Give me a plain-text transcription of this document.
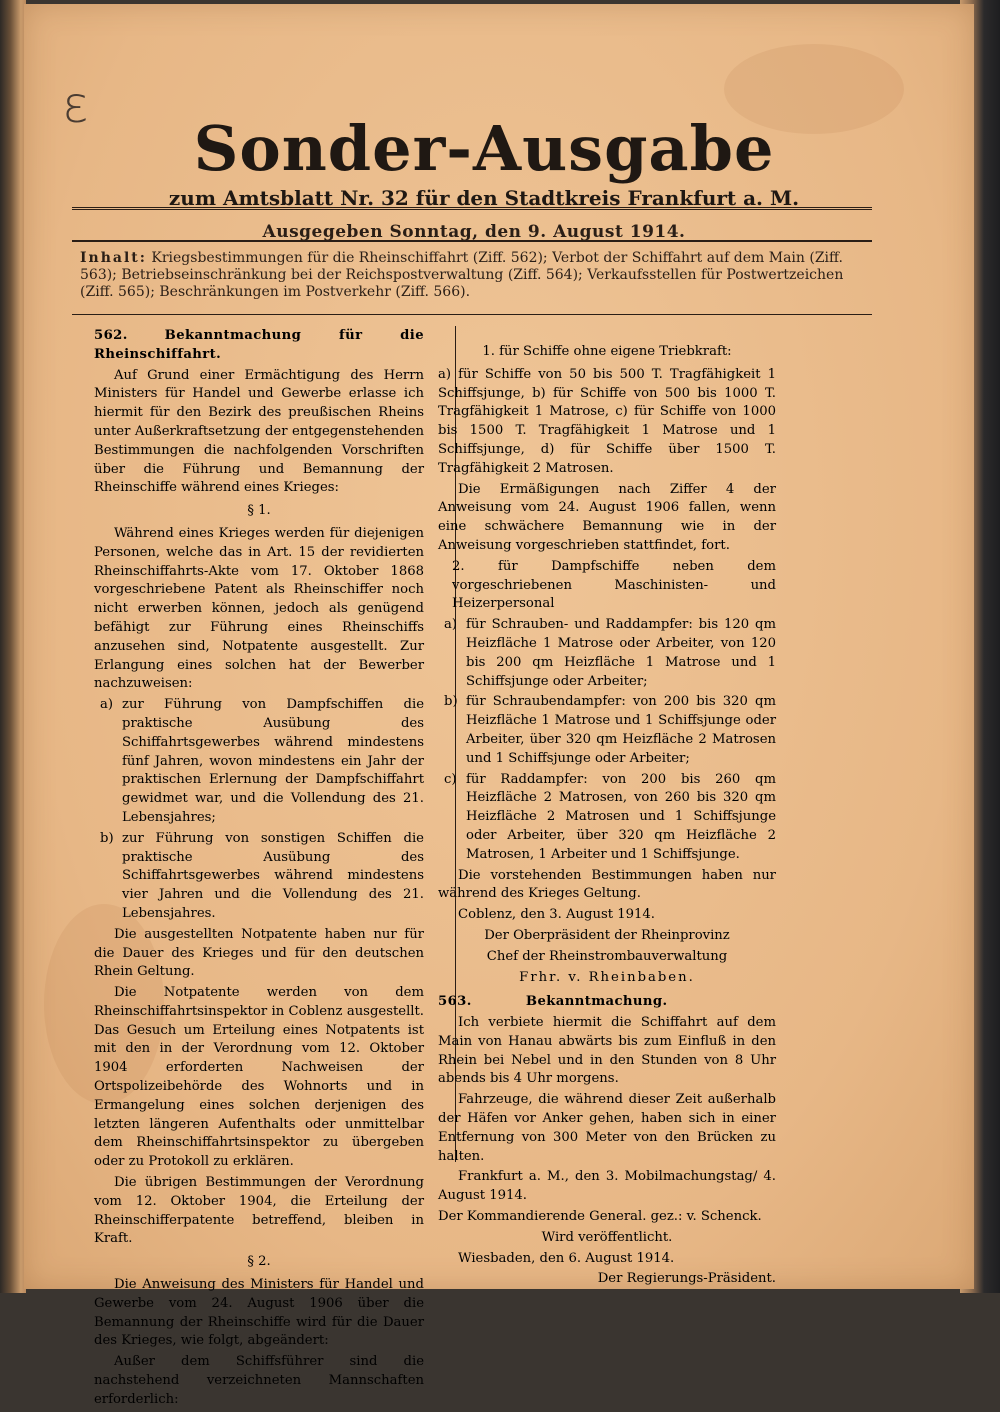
ε
Sonder-Ausgabe
zum Amtsblatt Nr. 32 für den Stadtkreis Frankfurt a. M.
Ausgegeben Sonntag, den 9. August 1914.
Inhalt: Kriegsbestimmungen für die Rheinschiffahrt (Ziff. 562); Verbot der Schiffahrt auf dem Main (Ziff. 563); Betriebseinschränkung bei der Reichspostverwaltung (Ziff. 564); Verkaufsstellen für Postwertzeichen (Ziff. 565); Beschränkungen im Postverkehr (Ziff. 566).

562.	Bekanntmachung für die Rheinschiffahrt.

Auf Grund einer Ermächtigung des Herrn Ministers für Handel und Gewerbe erlasse ich hiermit für den Bezirk des preußischen Rheins unter Außerkraftsetzung der entgegenstehenden Bestimmungen die nachfolgenden Vorschriften über die Führung und Bemannung der Rheinschiffe während eines Krieges:

§ 1.

Während eines Krieges werden für diejenigen Personen, welche das in Art. 15 der revidierten Rheinschiffahrts-Akte vom 17. Oktober 1868 vorgeschriebene Patent als Rheinschiffer noch nicht erwerben können, jedoch als genügend befähigt zur Führung eines Rheinschiffs anzusehen sind, Notpatente ausgestellt. Zur Erlangung eines solchen hat der Bewerber nachzuweisen:

a) zur Führung von Dampfschiffen die praktische Ausübung des Schiffahrtsgewerbes während mindestens fünf Jahren, wovon mindestens ein Jahr der praktischen Erlernung der Dampfschiffahrt gewidmet war, und die Vollendung des 21. Lebensjahres;

b) zur Führung von sonstigen Schiffen die praktische Ausübung des Schiffahrtsgewerbes während mindestens vier Jahren und die Vollendung des 21. Lebensjahres.

Die ausgestellten Notpatente haben nur für die Dauer des Krieges und für den deutschen Rhein Geltung.

Die Notpatente werden von dem Rheinschiffahrtsinspektor in Coblenz ausgestellt. Das Gesuch um Erteilung eines Notpatents ist mit den in der Verordnung vom 12. Oktober 1904 erforderten Nachweisen der Ortspolizeibehörde des Wohnorts und in Ermangelung eines solchen derjenigen des letzten längeren Aufenthalts oder unmittelbar dem Rheinschiffahrtsinspektor zu übergeben oder zu Protokoll zu erklären.

Die übrigen Bestimmungen der Verordnung vom 12. Oktober 1904, die Erteilung der Rheinschifferpatente betreffend, bleiben in Kraft.

§ 2.

Die Anweisung des Ministers für Handel und Gewerbe vom 24. August 1906 über die Bemannung der Rheinschiffe wird für die Dauer des Krieges, wie folgt, abgeändert:

Außer dem Schiffsführer sind die nachstehend verzeichneten Mannschaften erforderlich:

1. für Schiffe ohne eigene Triebkraft:

a) für Schiffe von 50 bis 500 T. Tragfähigkeit 1 Schiffsjunge, b) für Schiffe von 500 bis 1000 T. Tragfähigkeit 1 Matrose, c) für Schiffe von 1000 bis 1500 T. Tragfähigkeit 1 Matrose und 1 Schiffsjunge, d) für Schiffe über 1500 T. Tragfähigkeit 2 Matrosen.

Die Ermäßigungen nach Ziffer 4 der Anweisung vom 24. August 1906 fallen, wenn eine schwächere Bemannung wie in der Anweisung vorgeschrieben stattfindet, fort.

2. für Dampfschiffe neben dem vorgeschriebenen Maschinisten- und Heizerpersonal

a) für Schrauben- und Raddampfer: bis 120 qm Heizfläche 1 Matrose oder Arbeiter, von 120 bis 200 qm Heizfläche 1 Matrose und 1 Schiffsjunge oder Arbeiter;

b) für Schraubendampfer: von 200 bis 320 qm Heizfläche 1 Matrose und 1 Schiffsjunge oder Arbeiter, über 320 qm Heizfläche 2 Matrosen und 1 Schiffsjunge oder Arbeiter;

c) für Raddampfer: von 200 bis 260 qm Heizfläche 2 Matrosen, von 260 bis 320 qm Heizfläche 2 Matrosen und 1 Schiffsjunge oder Arbeiter, über 320 qm Heizfläche 2 Matrosen, 1 Arbeiter und 1 Schiffsjunge.

Die vorstehenden Bestimmungen haben nur während des Krieges Geltung.

Coblenz, den 3. August 1914.

Der Oberpräsident der Rheinprovinz

Chef der Rheinstrombauverwaltung

Frhr. v. Rheinbaben.

563.	Bekanntmachung.

Ich verbiete hiermit die Schiffahrt auf dem Main von Hanau abwärts bis zum Einfluß in den Rhein bei Nebel und in den Stunden von 8 Uhr abends bis 4 Uhr morgens.

Fahrzeuge, die während dieser Zeit außerhalb der Häfen vor Anker gehen, haben sich in einer Entfernung von 300 Meter von den Brücken zu halten.

Frankfurt a. M., den 3. Mobilmachungstag/ 4. August 1914.

Der Kommandierende General. gez.: v. Schenck.

Wird veröffentlicht.

Wiesbaden, den 6. August 1914.

Der Regierungs-Präsident.
